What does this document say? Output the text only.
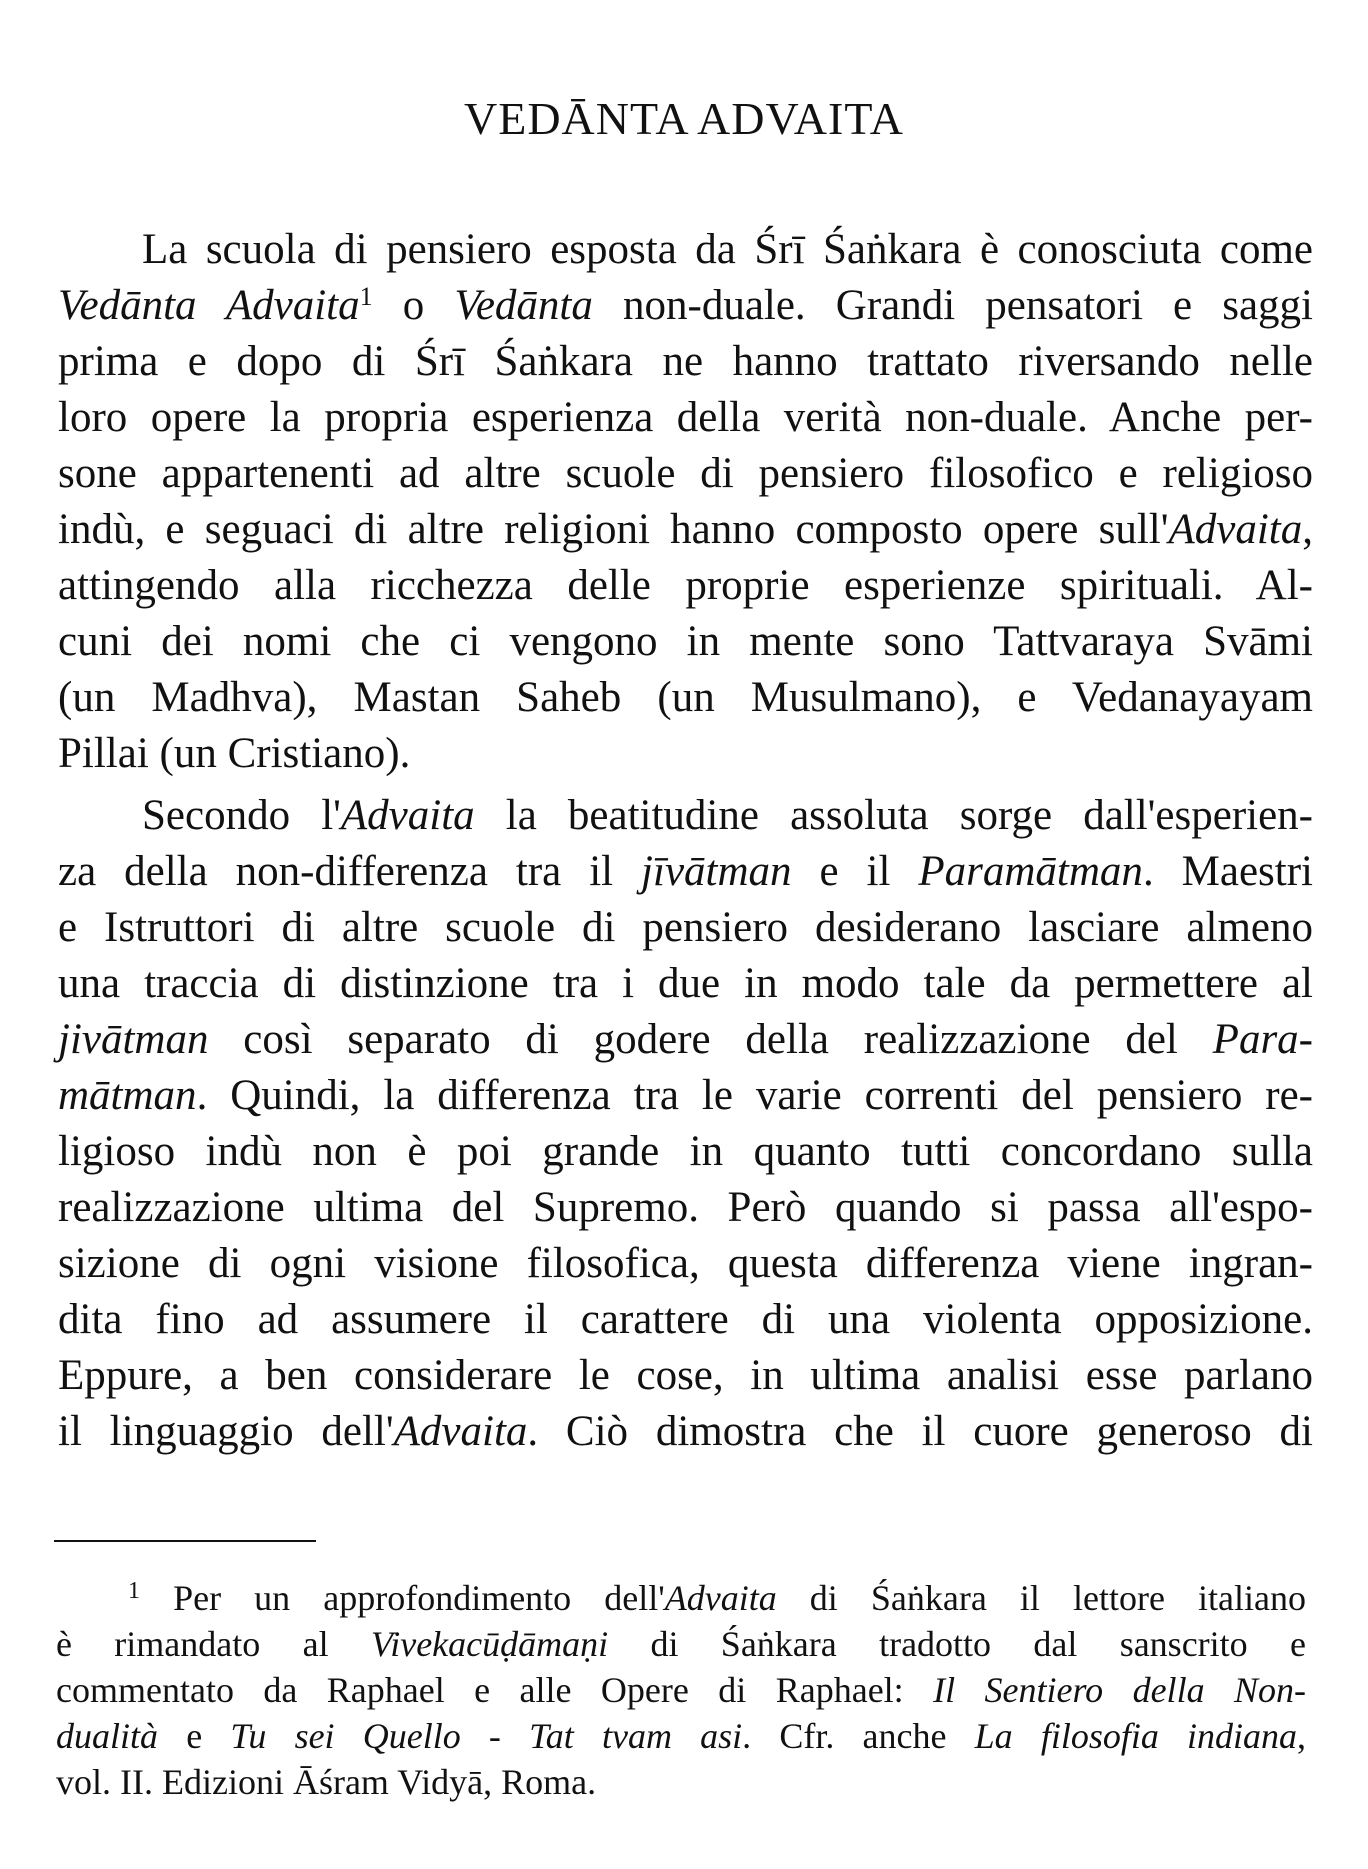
VEDĀNTA ADVAITA
La scuola di pensiero esposta da Śrī Śaṅkara è conosciuta come
Vedānta Advaita$^1$ o Vedānta non-duale. Grandi pensatori e saggi
prima e dopo di Śrī Śaṅkara ne hanno trattato riversando nelle
loro opere la propria esperienza della verità non-duale. Anche per-
sone appartenenti ad altre scuole di pensiero filosofico e religioso
indù, e seguaci di altre religioni hanno composto opere sull'Advaita,
attingendo alla ricchezza delle proprie esperienze spirituali. Al-
cuni dei nomi che ci vengono in mente sono Tattvaraya Svāmi
(un Madhva), Mastan Saheb (un Musulmano), e Vedanayayam
Pillai (un Cristiano).
Secondo l'Advaita la beatitudine assoluta sorge dall'esperien-
za della non-differenza tra il jīvātman e il Paramātman. Maestri
e Istruttori di altre scuole di pensiero desiderano lasciare almeno
una traccia di distinzione tra i due in modo tale da permettere al
jivātman così separato di godere della realizzazione del Para-
mātman. Quindi, la differenza tra le varie correnti del pensiero re-
ligioso indù non è poi grande in quanto tutti concordano sulla
realizzazione ultima del Supremo. Però quando si passa all'espo-
sizione di ogni visione filosofica, questa differenza viene ingran-
dita fino ad assumere il carattere di una violenta opposizione.
Eppure, a ben considerare le cose, in ultima analisi esse parlano
il linguaggio dell'Advaita. Ciò dimostra che il cuore generoso di
$^1$ Per un approfondimento dell'Advaita di Śaṅkara il lettore italiano
è rimandato al Vivekacūḍāmaṇi di Śaṅkara tradotto dal sanscrito e
commentato da Raphael e alle Opere di Raphael: Il Sentiero della Non-
dualità e Tu sei Quello - Tat tvam asi. Cfr. anche La filosofia indiana,
vol. II. Edizioni Āśram Vidyā, Roma.
